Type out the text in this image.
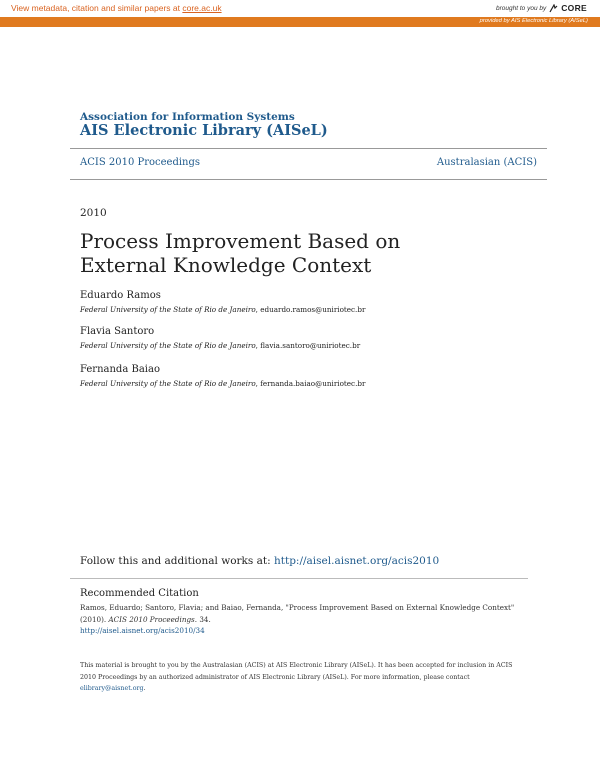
View metadata, citation and similar papers at core.ac.uk	brought to you by CORE
provided by AIS Electronic Library (AISeL)
Association for Information Systems
AIS Electronic Library (AISeL)
ACIS 2010 Proceedings	Australasian (ACIS)
2010
Process Improvement Based on External Knowledge Context
Eduardo Ramos
Federal University of the State of Rio de Janeiro, eduardo.ramos@uniriotec.br
Flavia Santoro
Federal University of the State of Rio de Janeiro, flavia.santoro@uniriotec.br
Fernanda Baiao
Federal University of the State of Rio de Janeiro, fernanda.baiao@uniriotec.br
Follow this and additional works at: http://aisel.aisnet.org/acis2010
Recommended Citation
Ramos, Eduardo; Santoro, Flavia; and Baiao, Fernanda, "Process Improvement Based on External Knowledge Context" (2010). ACIS 2010 Proceedings. 34.
http://aisel.aisnet.org/acis2010/34
This material is brought to you by the Australasian (ACIS) at AIS Electronic Library (AISeL). It has been accepted for inclusion in ACIS 2010 Proceedings by an authorized administrator of AIS Electronic Library (AISeL). For more information, please contact elibrary@aisnet.org.
